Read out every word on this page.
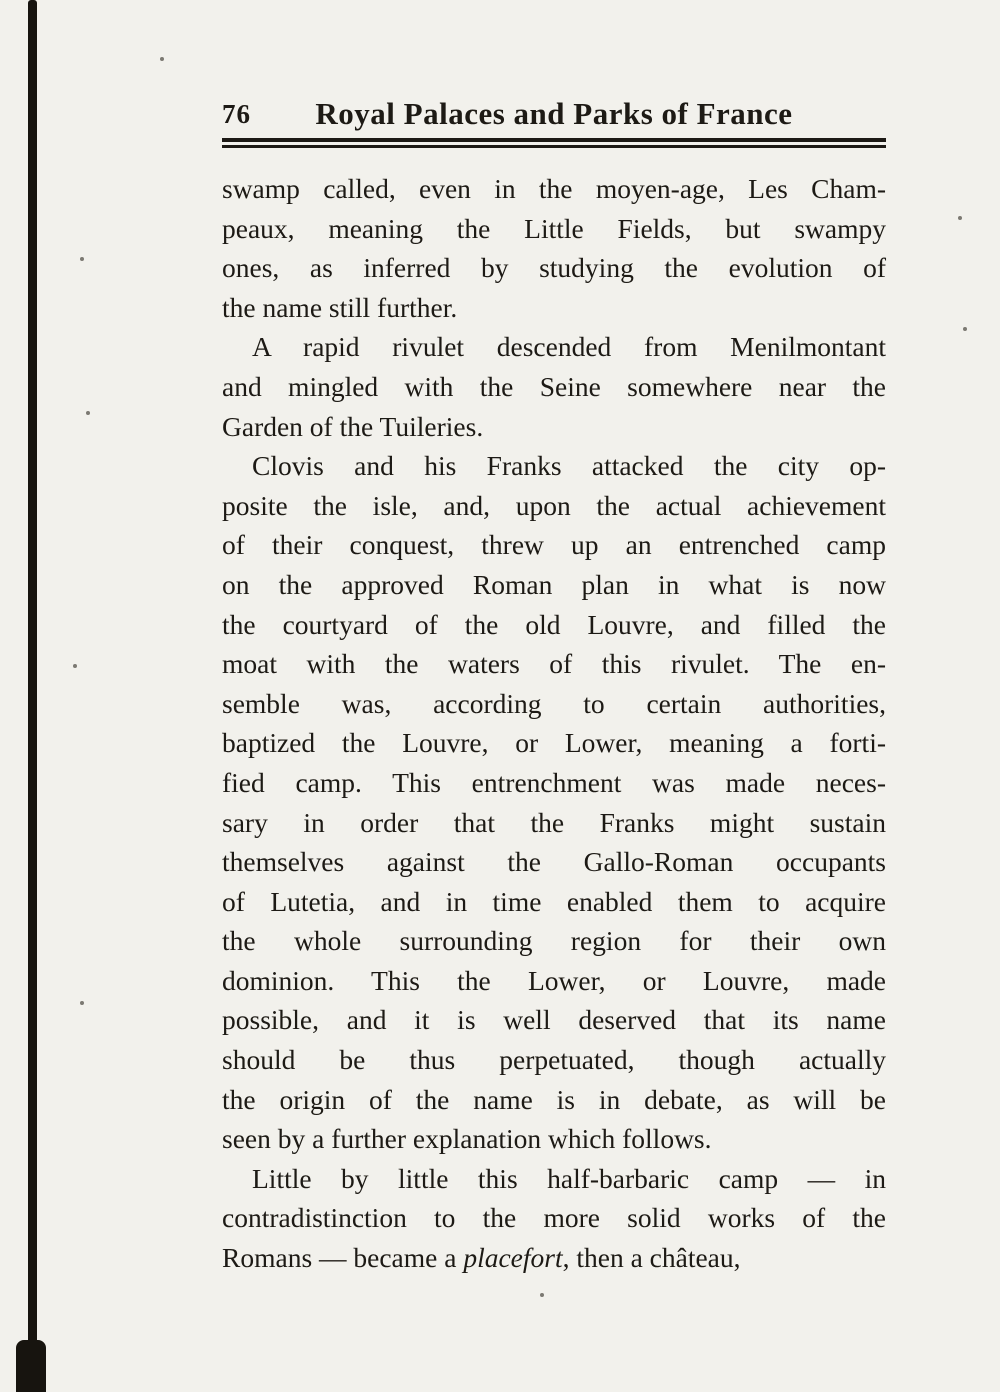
76	Royal Palaces and Parks of France
swamp called, even in the moyen-age, Les Cham-
peaux, meaning the Little Fields, but swampy
ones, as inferred by studying the evolution of
the name still further.
A rapid rivulet descended from Menilmontant
and mingled with the Seine somewhere near the
Garden of the Tuileries.
Clovis and his Franks attacked the city op-
posite the isle, and, upon the actual achievement
of their conquest, threw up an entrenched camp
on the approved Roman plan in what is now
the courtyard of the old Louvre, and filled the
moat with the waters of this rivulet. The en-
semble was, according to certain authorities,
baptized the Louvre, or Lower, meaning a forti-
fied camp. This entrenchment was made neces-
sary in order that the Franks might sustain
themselves against the Gallo-Roman occupants
of Lutetia, and in time enabled them to acquire
the whole surrounding region for their own
dominion. This the Lower, or Louvre, made
possible, and it is well deserved that its name
should be thus perpetuated, though actually
the origin of the name is in debate, as will be
seen by a further explanation which follows.
Little by little this half-barbaric camp — in
contradistinction to the more solid works of the
Romans — became a placefort, then a château,
